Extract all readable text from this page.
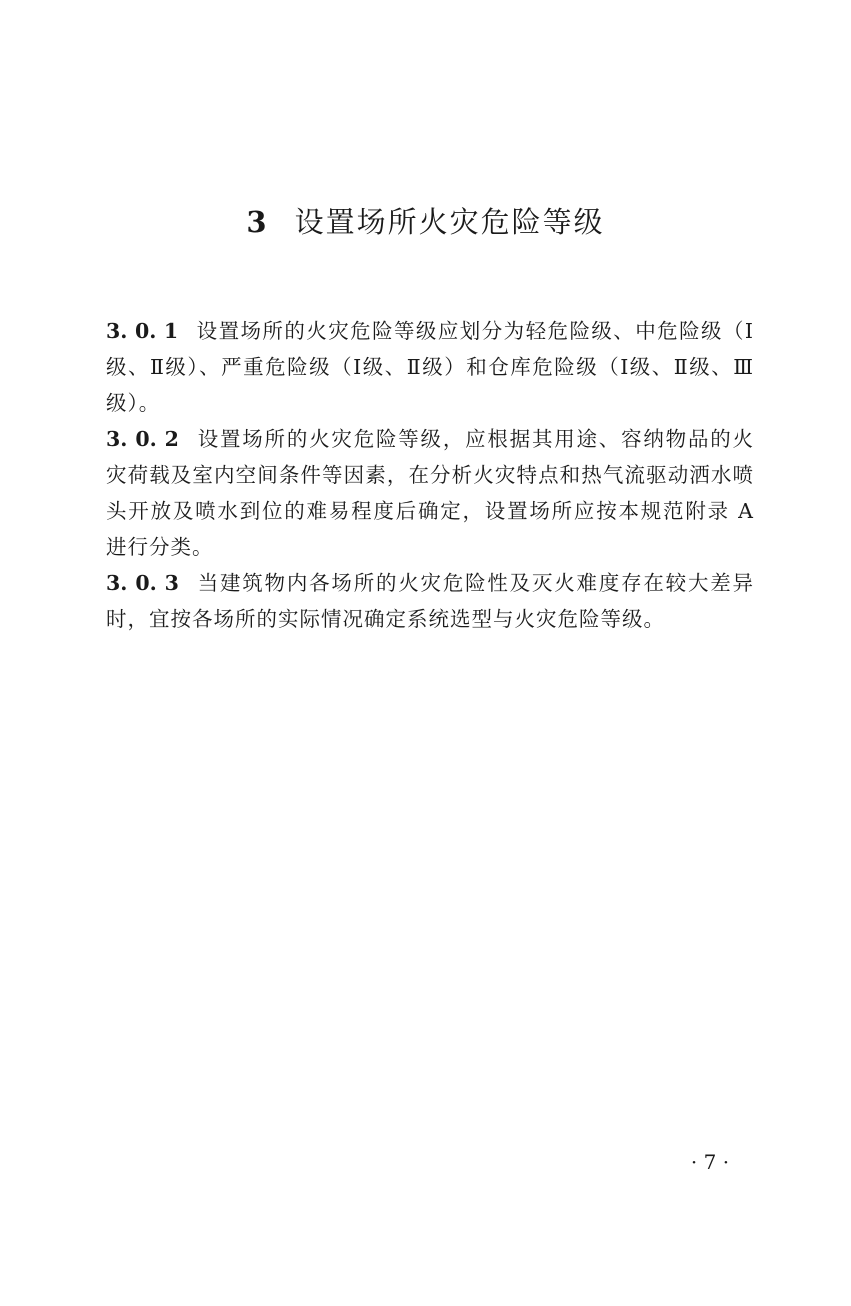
3 设置场所火灾危险等级

3. 0. 1 设置场所的火灾危险等级应划分为轻危险级、中危险级（Ⅰ级、Ⅱ级）、严重危险级（Ⅰ级、Ⅱ级）和仓库危险级（Ⅰ级、Ⅱ级、Ⅲ级）。

3. 0. 2 设置场所的火灾危险等级，应根据其用途、容纳物品的火灾荷载及室内空间条件等因素，在分析火灾特点和热气流驱动洒水喷头开放及喷水到位的难易程度后确定，设置场所应按本规范附录 A 进行分类。

3. 0. 3 当建筑物内各场所的火灾危险性及灭火难度存在较大差异时，宜按各场所的实际情况确定系统选型与火灾危险等级。

· 7 ·
